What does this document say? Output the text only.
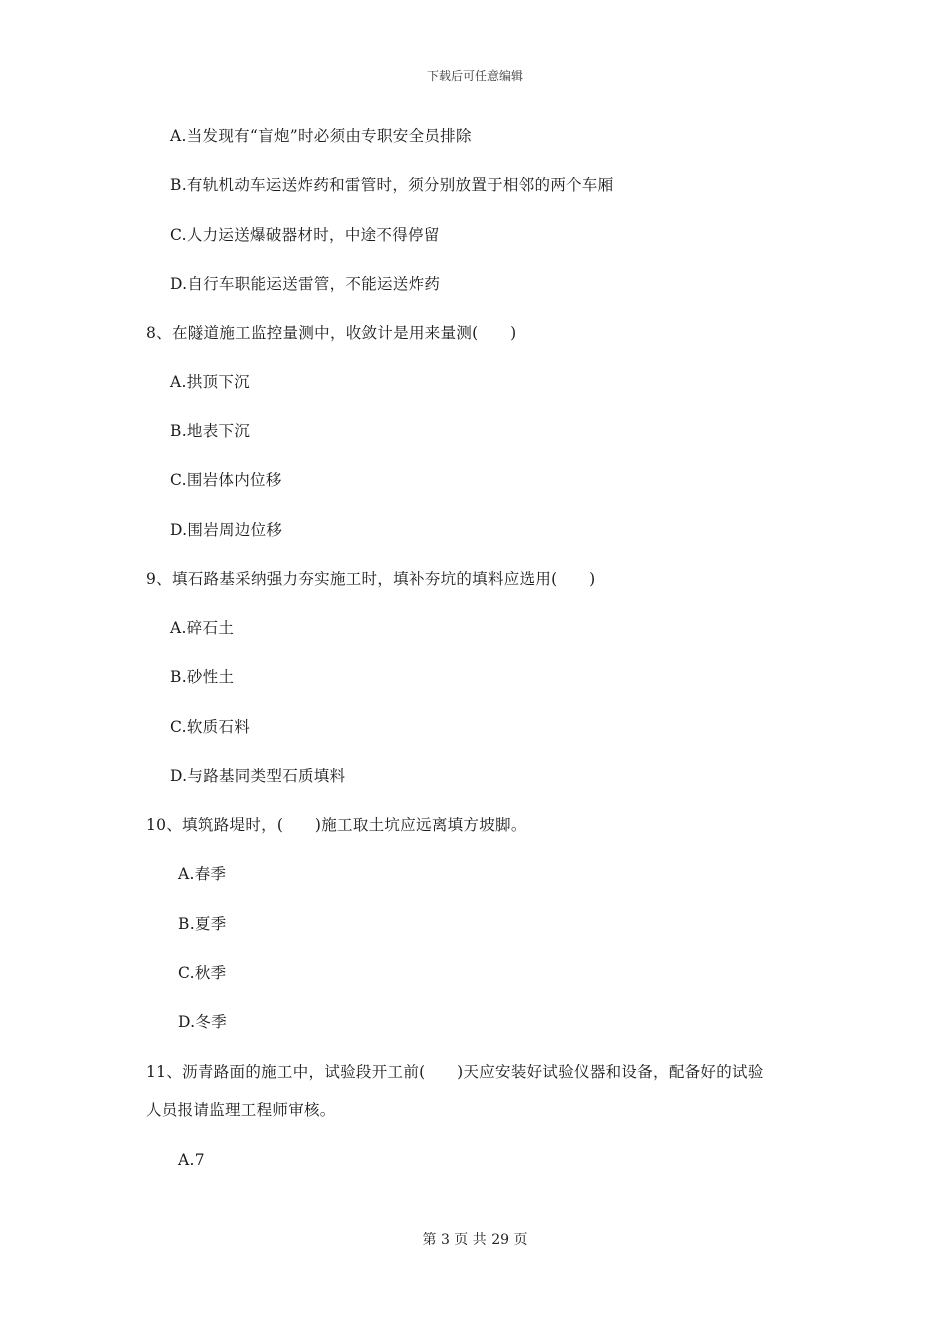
下载后可任意编辑
A.当发现有“盲炮”时必须由专职安全员排除
B.有轨机动车运送炸药和雷管时，须分别放置于相邻的两个车厢
C.人力运送爆破器材时，中途不得停留
D.自行车职能运送雷管，不能运送炸药
8、在隧道施工监控量测中，收敛计是用来量测(　　)
A.拱顶下沉
B.地表下沉
C.围岩体内位移
D.围岩周边位移
9、填石路基采纳强力夯实施工时，填补夯坑的填料应选用(　　)
A.碎石土
B.砂性土
C.软质石料
D.与路基同类型石质填料
10、填筑路堤时，(　　)施工取土坑应远离填方坡脚。
A.春季
B.夏季
C.秋季
D.冬季
11、沥青路面的施工中，试验段开工前(　　)天应安装好试验仪器和设备，配备好的试验
人员报请监理工程师审核。
A.7
第 3 页 共 29 页
